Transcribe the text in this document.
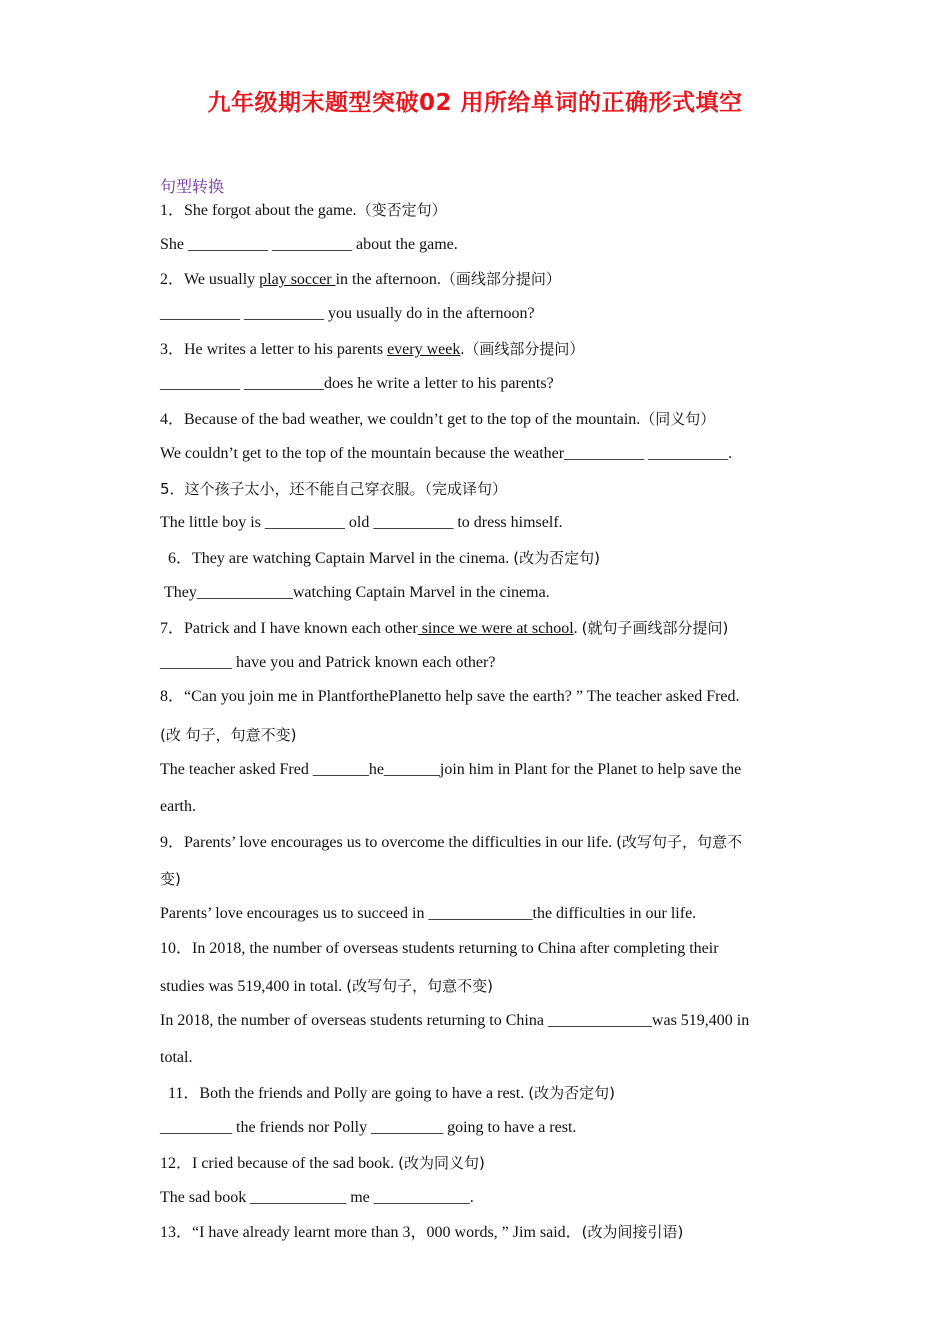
九年级期末题型突破02 用所给单词的正确形式填空
句型转换
1．She forgot about the game.（变否定句）
She __________ __________ about the game.
2．We usually play soccer in the afternoon.（画线部分提问）
__________ __________ you usually do in the afternoon?
3．He writes a letter to his parents every week.（画线部分提问）
__________ __________does he write a letter to his parents?
4．Because of the bad weather, we couldn’t get to the top of the mountain.（同义句）
We couldn’t get to the top of the mountain because the weather__________ __________.
5．这个孩子太小，还不能自己穿衣服。（完成译句）
The little boy is __________ old __________ to dress himself.
6．They are watching Captain Marvel in the cinema. (改为否定句)
They____________watching Captain Marvel in the cinema.
7．Patrick and I have known each other since we were at school. (就句子画线部分提问)
_________ have you and Patrick known each other?
8．“Can you join me in PlantforthePlanetto help save the earth? ” The teacher asked Fred.
(改 句子，句意不变)
The teacher asked Fred _______he_______join him in Plant for the Planet to help save the
earth.
9．Parents’ love encourages us to overcome the difficulties in our life. (改写句子，句意不
变)
Parents’ love encourages us to succeed in _____________the difficulties in our life.
10．In 2018, the number of overseas students returning to China after completing their
studies was 519,400 in total. (改写句子，句意不变)
In 2018, the number of overseas students returning to China _____________was 519,400 in
total.
11．Both the friends and Polly are going to have a rest. (改为否定句)
_________ the friends nor Polly _________ going to have a rest.
12．I cried because of the sad book. (改为同义句)
The sad book ____________ me ____________.
13．“I have already learnt more than 3，000 words, ” Jim said．(改为间接引语)
